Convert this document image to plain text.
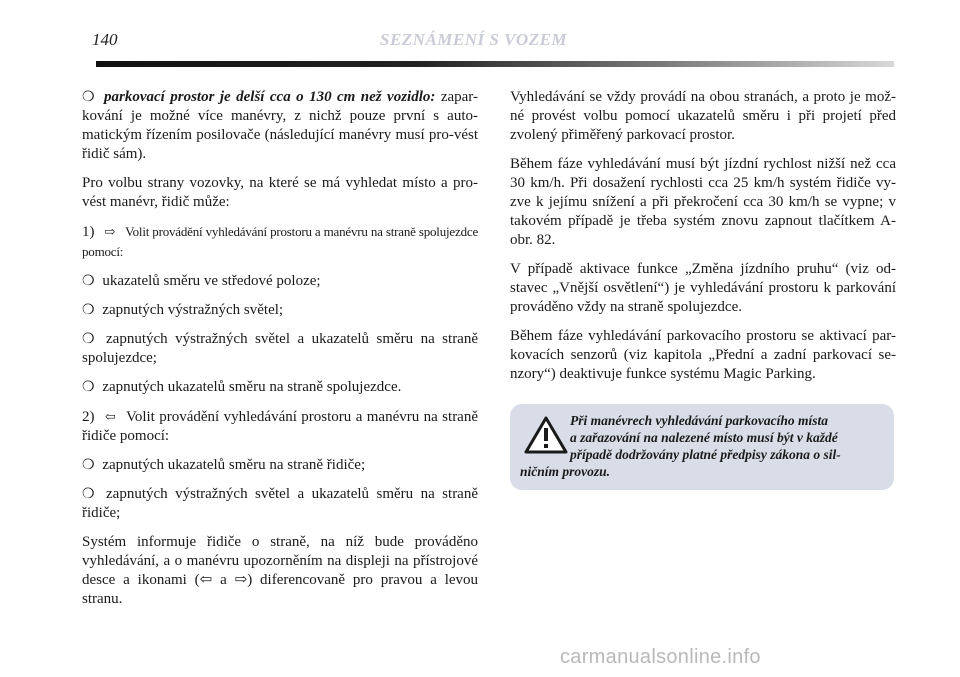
140	SEZNÁMENÍ S VOZEM

❍ parkovací prostor je delší cca o 130 cm než vozidlo: zapar-kování je možné více manévry, z nichž pouze první s auto-matickým řízením posilovače (následující manévry musí pro-vést řidič sám).

Pro volbu strany vozovky, na které se má vyhledat místo a pro-vést manévr, řidič může:

1) ⇨ Volit provádění vyhledávání prostoru a manévru na straně spolujezdce pomocí:

❍ ukazatelů směru ve středové poloze;

❍ zapnutých výstražných světel;

❍ zapnutých výstražných světel a ukazatelů směru na straně spolujezdce;

❍ zapnutých ukazatelů směru na straně spolujezdce.

2) ⇦ Volit provádění vyhledávání prostoru a manévru na straně řidiče pomocí:

❍ zapnutých ukazatelů směru na straně řidiče;

❍ zapnutých výstražných světel a ukazatelů směru na straně řidiče;

Systém informuje řidiče o straně, na níž bude prováděno vyhledávání, a o manévru upozorněním na displeji na přístrojové desce a ikonami (⇦ a ⇨) diferencovaně pro pravou a levou stranu.

Vyhledávání se vždy provádí na obou stranách, a proto je mož-né provést volbu pomocí ukazatelů směru i při projetí před zvolený přiměřený parkovací prostor.

Během fáze vyhledávání musí být jízdní rychlost nižší než cca 30 km/h. Při dosažení rychlosti cca 25 km/h systém řidiče vy-zve k jejímu snížení a při překročení cca 30 km/h se vypne; v takovém případě je třeba systém znovu zapnout tlačítkem A-obr. 82.

V případě aktivace funkce „Změna jízdního pruhu“ (viz od-stavec „Vnější osvětlení“) je vyhledávání prostoru k parkování prováděno vždy na straně spolujezdce.

Během fáze vyhledávání parkovacího prostoru se aktivací par-kovacích senzorů (viz kapitola „Přední a zadní parkovací se-nzory“) deaktivuje funkce systému Magic Parking.

Při manévrech vyhledávání parkovacího místa
a zařazování na nalezené místo musí být v každé
případě dodržovány platné předpisy zákona o sil-
ničním provozu.
carmanualsonline.info
